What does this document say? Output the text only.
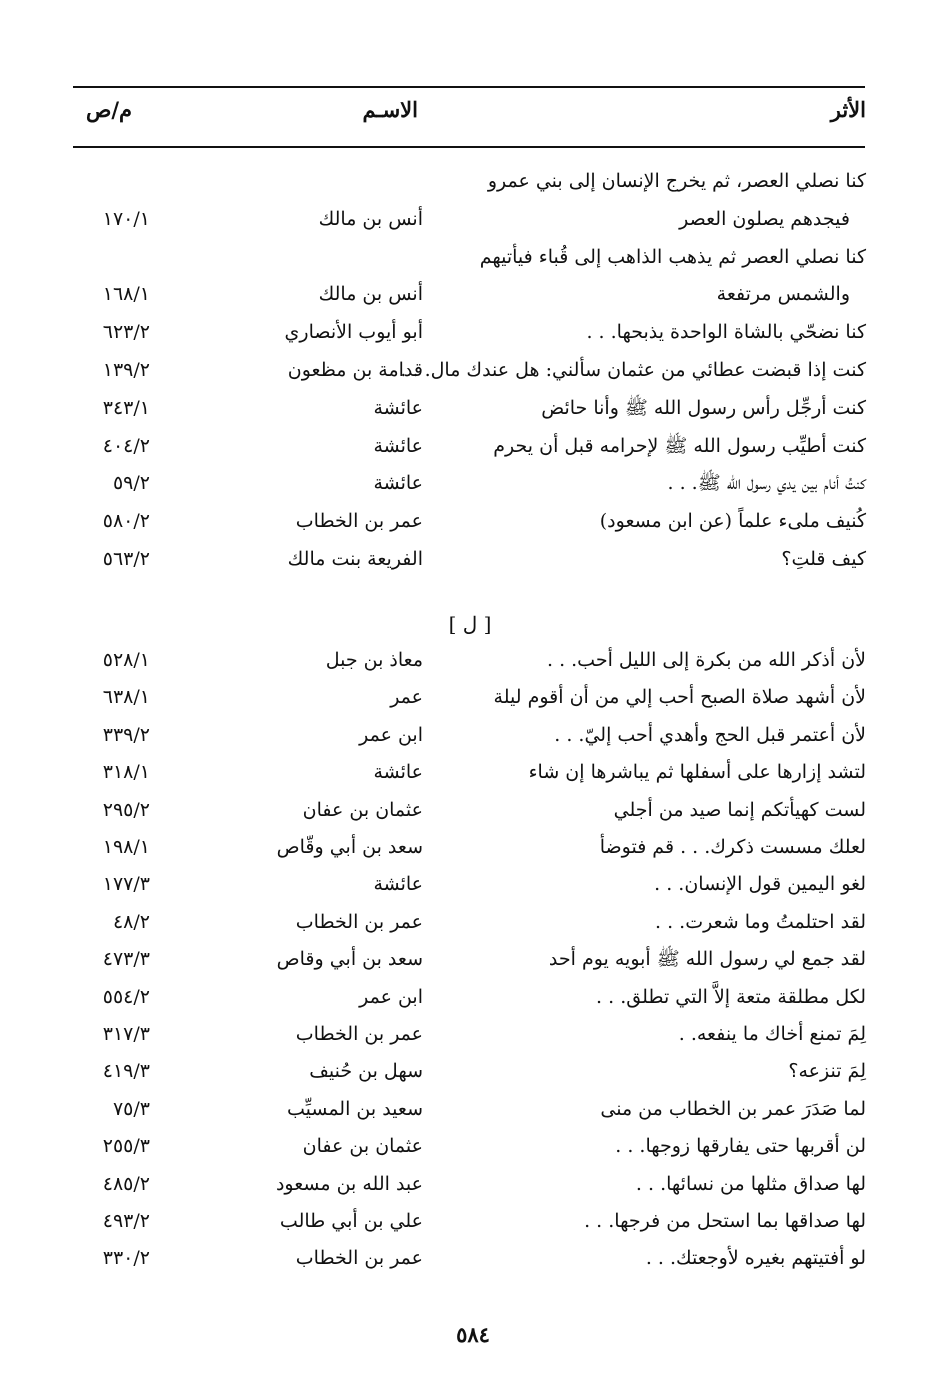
الأثر
الاسـم
م/ص
كنا نصلي العصر، ثم يخرج الإنسان إلى بني عمرو
فيجدهم يصلون العصر
أنس بن مالك
١٧٠/١
كنا نصلي العصر ثم يذهب الذاهب إلى قُباء فيأتيهم
والشمس مرتفعة
أنس بن مالك
١٦٨/١
كنا نضحّي بالشاة الواحدة يذبحها. . .
أبو أيوب الأنصاري
٦٢٣/٢
كنت إذا قبضت عطائي من عثمان سألني: هل عندك مال. . .
قدامة بن مظعون
١٣٩/٢
كنت أرجِّل رأس رسول الله ﷺ وأنا حائض
عائشة
٣٤٣/١
كنت أطيِّب رسول الله ﷺ لإحرامه قبل أن يحرم
عائشة
٤٠٤/٢
كنتُ أنام بين يدي رسول الله ﷺ. . .
عائشة
٥٩/٢
كُنيف ملىء علماً (عن ابن مسعود)
عمر بن الخطاب
٥٨٠/٢
كيف قلتِ؟
الفريعة بنت مالك
٥٦٣/٢
[ ل ]
لأن أذكر الله من بكرة إلى الليل أحب. . .
معاذ بن جبل
٥٢٨/١
لأن أشهد صلاة الصبح أحب إلي من أن أقوم ليلة
عمر
٦٣٨/١
لأن أعتمر قبل الحج وأهدي أحب إليّ. . .
ابن عمر
٣٣٩/٢
لتشد إزارها على أسفلها ثم يباشرها إن شاء
عائشة
٣١٨/١
لست كهيأتكم إنما صيد من أجلي
عثمان بن عفان
٢٩٥/٢
لعلك مسست ذكرك. . . قم فتوضأ
سعد بن أبي وقّاص
١٩٨/١
لغو اليمين قول الإنسان. . .
عائشة
١٧٧/٣
لقد احتلمتُ وما شعرت. . .
عمر بن الخطاب
٤٨/٢
لقد جمع لي رسول الله ﷺ أبويه يوم أحد
سعد بن أبي وقاص
٤٧٣/٣
لكل مطلقة متعة إلاَّ التي تطلق. . .
ابن عمر
٥٥٤/٢
لِمَ تمنع أخاك ما ينفعه. .
عمر بن الخطاب
٣١٧/٣
لِمَ تنزعه؟
سهل بن حُنيف
٤١٩/٣
لما صَدَرَ عمر بن الخطاب من منى
سعيد بن المسيِّب
٧٥/٣
لن أقربها حتى يفارقها زوجها. . .
عثمان بن عفان
٢٥٥/٣
لها صداق مثلها من نسائها. . .
عبد الله بن مسعود
٤٨٥/٢
لها صداقها بما استحل من فرجها. . .
علي بن أبي طالب
٤٩٣/٢
لو أفتيتهم بغيره لأوجعتك. . .
عمر بن الخطاب
٣٣٠/٢
٥٨٤
